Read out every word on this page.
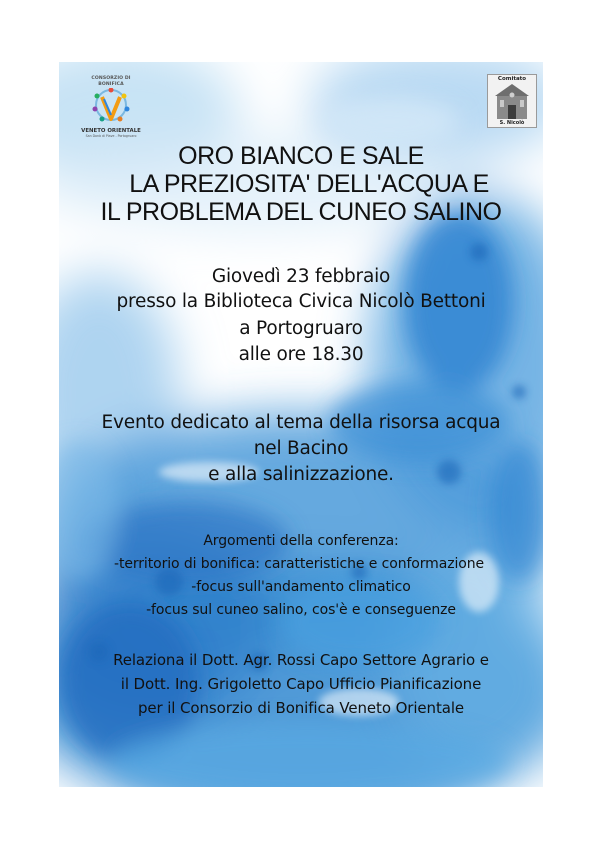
CONSORZIO DI BONIFICA
VENETO ORIENTALE
San Donà di Piave - Portogruaro
Comitato
S. Nicolò
ORO BIANCO E SALE
LA PREZIOSITA' DELL'ACQUA E
IL PROBLEMA DEL CUNEO SALINO
Giovedì 23 febbraio
presso la Biblioteca Civica Nicolò Bettoni
a Portogruaro
alle ore 18.30
Evento dedicato al tema della risorsa acqua
nel Bacino
e alla salinizzazione.
Argomenti della conferenza:
-territorio di bonifica: caratteristiche e conformazione
-focus sull'andamento climatico
-focus sul cuneo salino, cos'è e conseguenze
Relaziona il Dott. Agr. Rossi Capo Settore Agrario e
il Dott. Ing. Grigoletto Capo Ufficio Pianificazione
per il Consorzio di Bonifica Veneto Orientale
